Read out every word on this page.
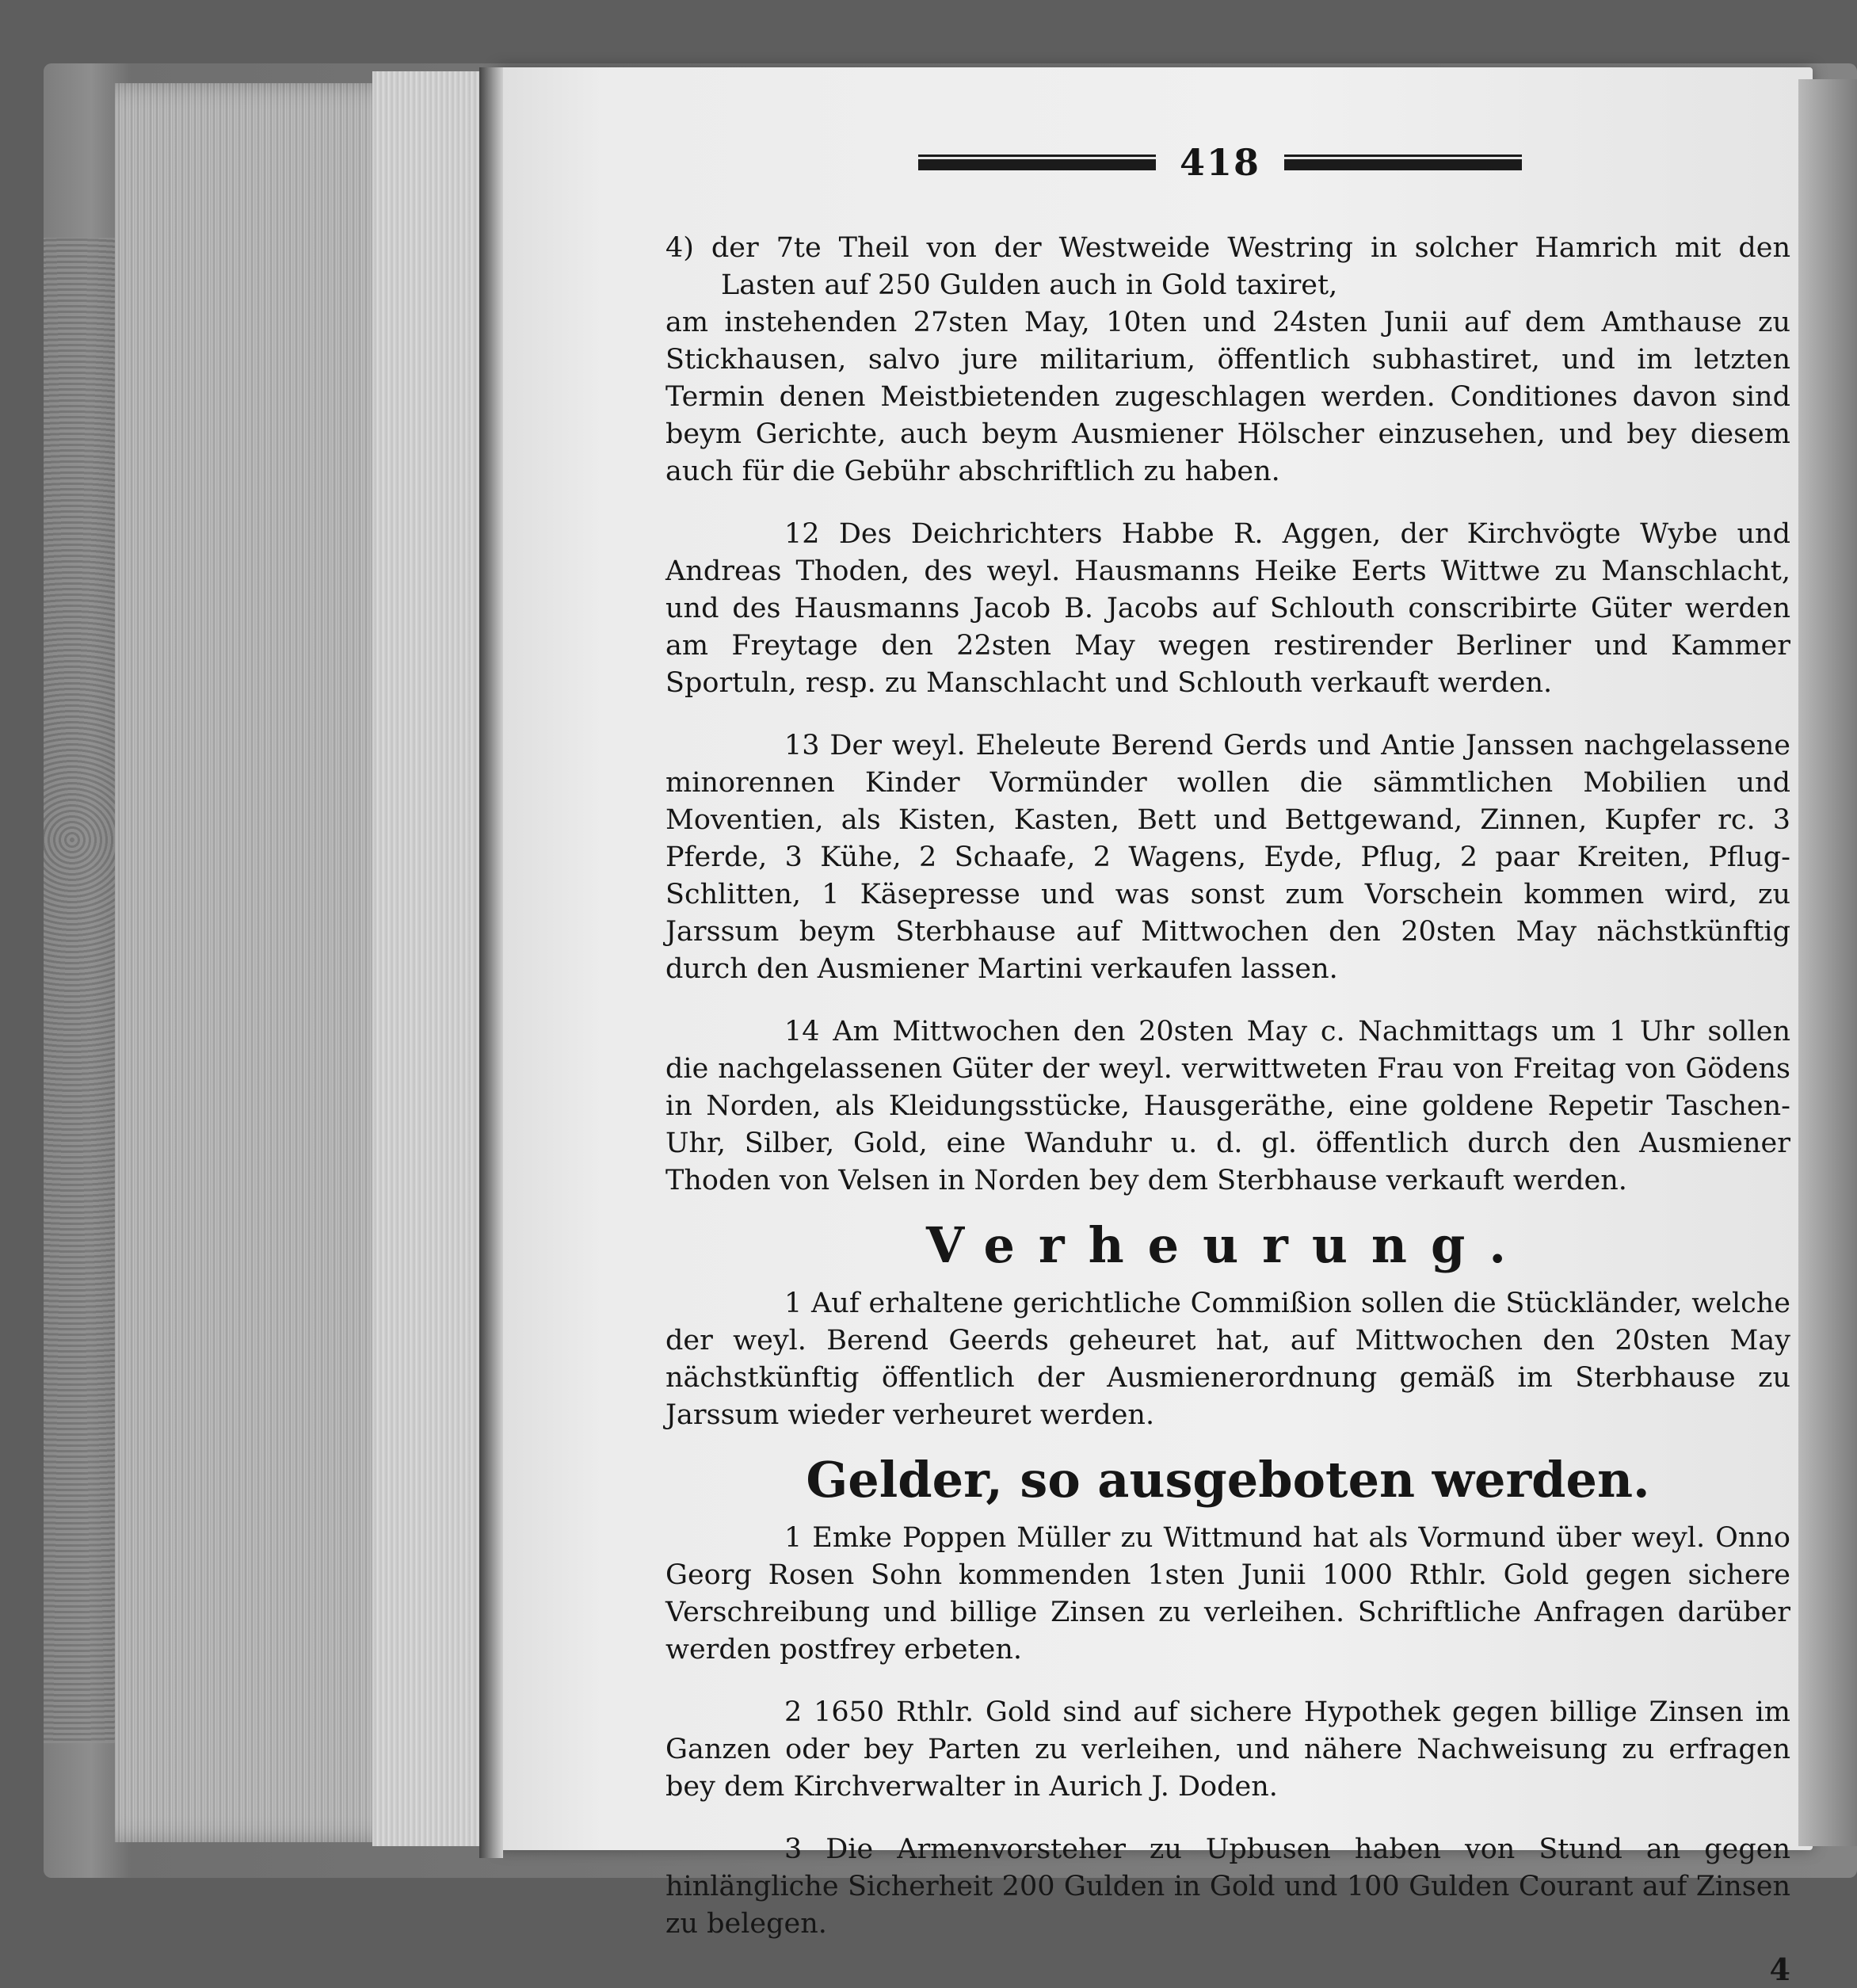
418

4) der 7te Theil von der Westweide Westring in solcher Hamrich mit den Lasten auf 250 Gulden auch in Gold taxiret,

am instehenden 27sten May, 10ten und 24sten Junii auf dem Amthause zu Stickhausen, salvo jure militarium, öffentlich subhastiret, und im letzten Termin denen Meistbietenden zugeschlagen werden. Conditiones davon sind beym Gerichte, auch beym Ausmiener Hölscher einzusehen, und bey diesem auch für die Gebühr abschriftlich zu haben.

12 Des Deichrichters Habbe R. Aggen, der Kirchvögte Wybe und Andreas Thoden, des weyl. Hausmanns Heike Eerts Wittwe zu Manschlacht, und des Hausmanns Jacob B. Jacobs auf Schlouth conscribirte Güter werden am Freytage den 22sten May wegen restirender Berliner und Kammer Sportuln, resp. zu Manschlacht und Schlouth verkauft werden.

13 Der weyl. Eheleute Berend Gerds und Antie Janssen nachgelassene minorennen Kinder Vormünder wollen die sämmtlichen Mobilien und Moventien, als Kisten, Kasten, Bett und Bettgewand, Zinnen, Kupfer rc. 3 Pferde, 3 Kühe, 2 Schaafe, 2 Wagens, Eyde, Pflug, 2 paar Kreiten, Pflug-Schlitten, 1 Käsepresse und was sonst zum Vorschein kommen wird, zu Jarssum beym Sterbhause auf Mittwochen den 20sten May nächstkünftig durch den Ausmiener Martini verkaufen lassen.

14 Am Mittwochen den 20sten May c. Nachmittags um 1 Uhr sollen die nachgelassenen Güter der weyl. verwittweten Frau von Freitag von Gödens in Norden, als Kleidungsstücke, Hausgeräthe, eine goldene Repetir Taschen-Uhr, Silber, Gold, eine Wanduhr u. d. gl. öffentlich durch den Ausmiener Thoden von Velsen in Norden bey dem Sterbhause verkauft werden.

Verheurung.

1 Auf erhaltene gerichtliche Commißion sollen die Stückländer, welche der weyl. Berend Geerds geheuret hat, auf Mittwochen den 20sten May nächstkünftig öffentlich der Ausmienerordnung gemäß im Sterbhause zu Jarssum wieder verheuret werden.

Gelder, so ausgeboten werden.

1 Emke Poppen Müller zu Wittmund hat als Vormund über weyl. Onno Georg Rosen Sohn kommenden 1sten Junii 1000 Rthlr. Gold gegen sichere Verschreibung und billige Zinsen zu verleihen. Schriftliche Anfragen darüber werden postfrey erbeten.

2 1650 Rthlr. Gold sind auf sichere Hypothek gegen billige Zinsen im Ganzen oder bey Parten zu verleihen, und nähere Nachweisung zu erfragen bey dem Kirchverwalter in Aurich J. Doden.

3 Die Armenvorsteher zu Upbusen haben von Stund an gegen hinlängliche Sicherheit 200 Gulden in Gold und 100 Gulden Courant auf Zinsen zu belegen.

4
